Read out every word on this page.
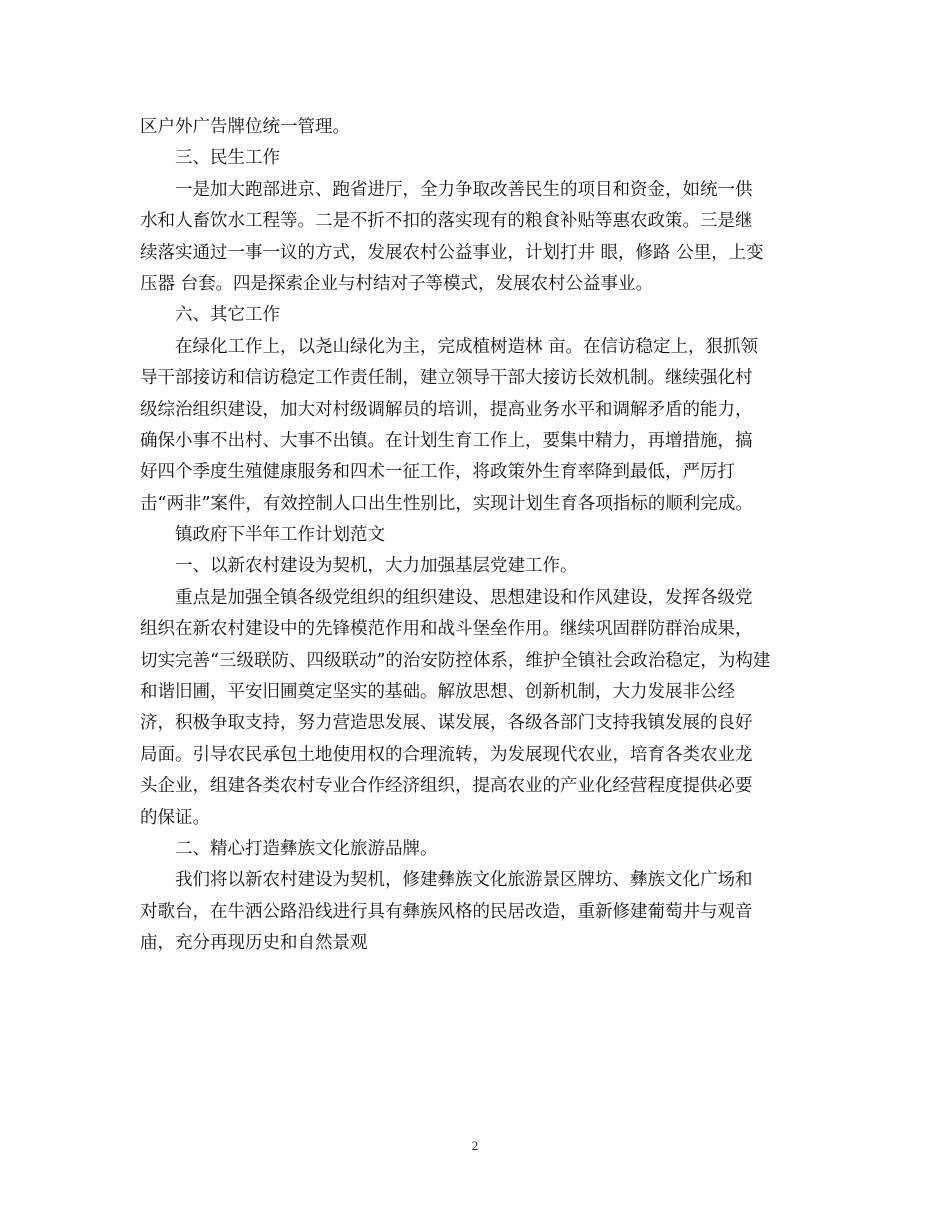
区户外广告牌位统一管理。
三、民生工作
一是加大跑部进京、跑省进厅，全力争取改善民生的项目和资金，如统一供
水和人畜饮水工程等。二是不折不扣的落实现有的粮食补贴等惠农政策。三是继
续落实通过一事一议的方式，发展农村公益事业，计划打井 眼，修路 公里，上变
压器 台套。四是探索企业与村结对子等模式，发展农村公益事业。
六、其它工作
在绿化工作上，以尧山绿化为主，完成植树造林 亩。在信访稳定上，狠抓领
导干部接访和信访稳定工作责任制，建立领导干部大接访长效机制。继续强化村
级综治组织建设，加大对村级调解员的培训，提高业务水平和调解矛盾的能力，
确保小事不出村、大事不出镇。在计划生育工作上，要集中精力，再增措施，搞
好四个季度生殖健康服务和四术一征工作，将政策外生育率降到最低，严厉打
击“两非”案件，有效控制人口出生性别比，实现计划生育各项指标的顺利完成。
镇政府下半年工作计划范文
一、以新农村建设为契机，大力加强基层党建工作。
重点是加强全镇各级党组织的组织建设、思想建设和作风建设，发挥各级党
组织在新农村建设中的先锋模范作用和战斗堡垒作用。继续巩固群防群治成果，
切实完善“三级联防、四级联动”的治安防控体系，维护全镇社会政治稳定，为构建
和谐旧圃，平安旧圃奠定坚实的基础。解放思想、创新机制，大力发展非公经
济，积极争取支持，努力营造思发展、谋发展，各级各部门支持我镇发展的良好
局面。引导农民承包土地使用权的合理流转，为发展现代农业，培育各类农业龙
头企业，组建各类农村专业合作经济组织，提高农业的产业化经营程度提供必要
的保证。
二、精心打造彝族文化旅游品牌。
我们将以新农村建设为契机，修建彝族文化旅游景区牌坊、彝族文化广场和
对歌台，在牛洒公路沿线进行具有彝族风格的民居改造，重新修建葡萄井与观音
庙，充分再现历史和自然景观
2
